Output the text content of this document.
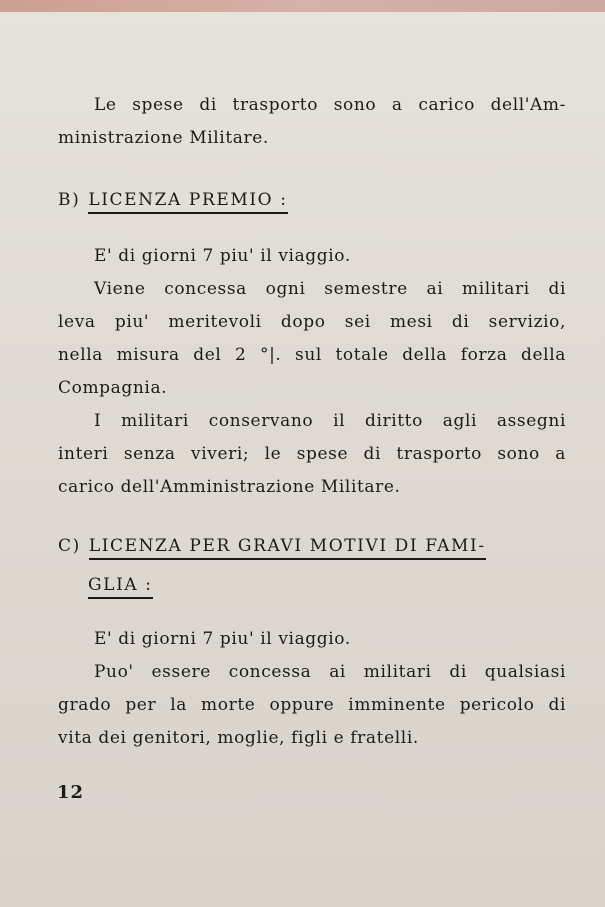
Le spese di trasporto sono a carico dell'Am-
ministrazione Militare.
B) LICENZA PREMIO :
E' di giorni 7 piu' il viaggio.
Viene concessa ogni semestre ai militari di
leva piu' meritevoli dopo sei mesi di servizio,
nella misura del 2 °|. sul totale della forza della
Compagnia.
I militari conservano il diritto agli assegni
interi senza viveri; le spese di trasporto sono a
carico dell'Amministrazione Militare.
C) LICENZA PER GRAVI MOTIVI DI FAMI-
GLIA :
E' di giorni 7 piu' il viaggio.
Puo' essere concessa ai militari di qualsiasi
grado per la morte oppure imminente pericolo di
vita dei genitori, moglie, figli e fratelli.
12
